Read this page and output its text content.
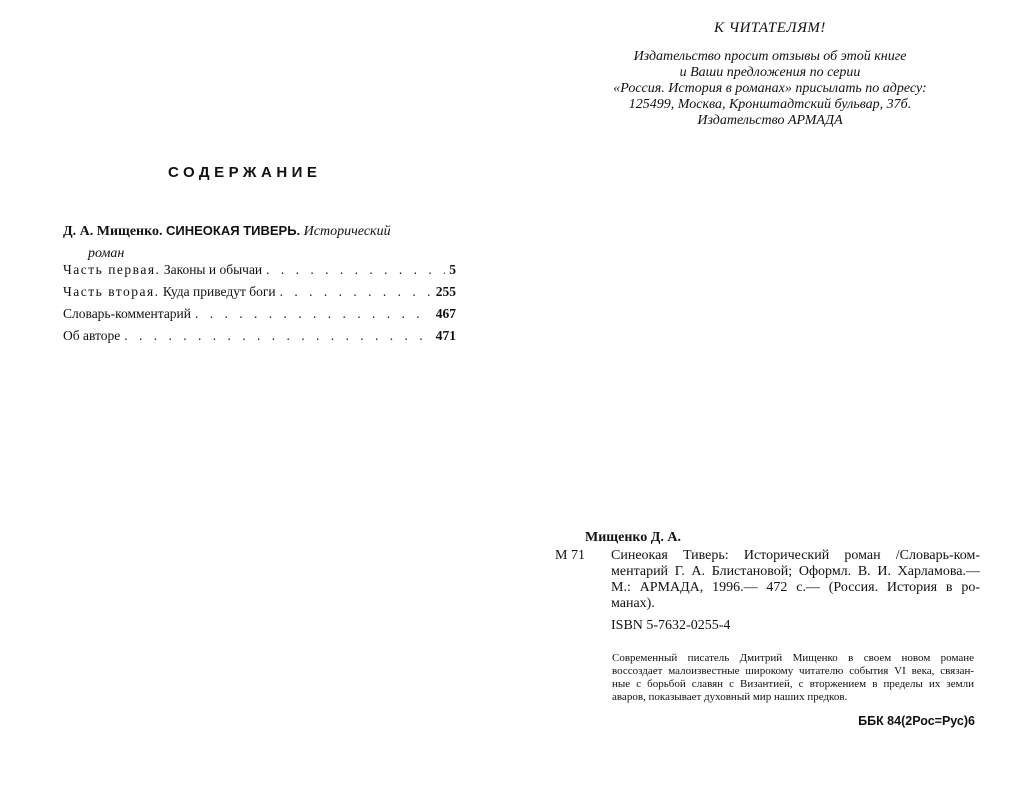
К ЧИТАТЕЛЯМ!
Издательство просит отзывы об этой книге
и Ваши предложения по серии
«Россия. История в романах» присылать по адресу:
125499, Москва, Кронштадтский бульвар, 37б.
Издательство АРМАДА
СОДЕРЖАНИЕ
Д. А. Мищенко. СИНЕОКАЯ ТИВЕРЬ. Исторический
роман
Часть первая. Законы и обычаи . . .	5
Часть вторая. Куда приведут боги . . .	255
Словарь-комментарий . . .	467
Об авторе . . .	471
Мищенко Д. А.
М 71	Синеокая Тиверь: Исторический роман /Словарь-ком-
ментарий Г. А. Блистановой; Оформл. В. И. Харламова.—
М.: АРМАДА, 1996.— 472 с.— (Россия. История в ро-
манах).
ISBN 5-7632-0255-4
Современный писатель Дмитрий Мищенко в своем новом романе
воссоздает малоизвестные широкому читателю события VI века, связан-
ные с борьбой славян с Византией, с вторжением в пределы их земли
аваров, показывает духовный мир наших предков.
ББК 84(2Рос=Рус)6
